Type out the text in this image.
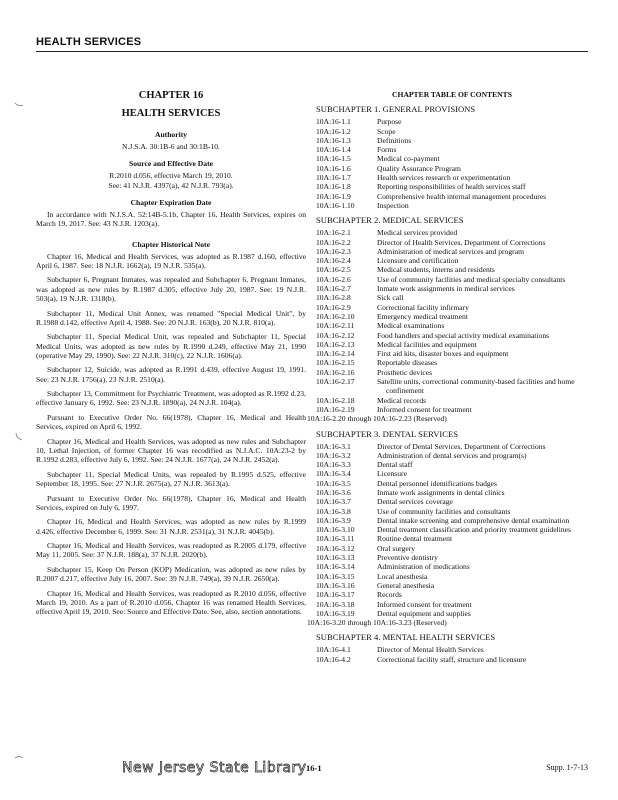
HEALTH SERVICES
CHAPTER 16
HEALTH SERVICES
Authority
N.J.S.A. 30:1B-6 and 30:1B-10.
Source and Effective Date
R.2010 d.056, effective March 19, 2010.
See: 41 N.J.R. 4397(a), 42 N.J.R. 793(a).
Chapter Expiration Date

In accordance with N.J.S.A. 52:14B-5.1b, Chapter 16, Health Services, expires on March 19, 2017. See: 43 N.J.R. 1203(a).

Chapter Historical Note

Chapter 16, Medical and Health Services, was adopted as R.1987 d.160, effective April 6, 1987. See: 18 N.J.R. 1662(a), 19 N.J.R. 535(a).

Subchapter 6, Pregnant Inmates, was repealed and Subchapter 6, Pregnant Inmates, was adopted as new rules by R.1987 d.305, effective July 20, 1987. See: 19 N.J.R. 503(a), 19 N.J.R. 1318(b).

Subchapter 11, Medical Unit Annex, was renamed "Special Medical Unit", by R.1988 d.142, effective April 4, 1988. See: 20 N.J.R. 163(b), 20 N.J.R. 810(a).

Subchapter 11, Special Medical Unit, was repealed and Subchapter 11, Special Medical Units, was adopted as new rules by R.1990 d.249, effective May 21, 1990 (operative May 29, 1990). See: 22 N.J.R. 310(c), 22 N.J.R. 1606(a).

Subchapter 12, Suicide, was adopted as R.1991 d.439, effective August 19, 1991. See: 23 N.J.R. 1756(a), 23 N.J.R. 2510(a).

Subchapter 13, Commitment for Psychiatric Treatment, was adopted as R.1992 d.23, effective January 6, 1992. See: 23 N.J.R. 1890(a), 24 N.J.R. 104(a).

Pursuant to Executive Order No. 66(1978), Chapter 16, Medical and Health Services, expired on April 6, 1992.

Chapter 16, Medical and Health Services, was adopted as new rules and Subchapter 10, Lethal Injection, of former Chapter 16 was recodified as N.J.A.C. 10A:23-2 by R.1992 d.283, effective July 6, 1992. See: 24 N.J.R. 1677(a), 24 N.J.R. 2452(a).

Subchapter 11, Special Medical Units, was repealed by R.1995 d.525, effective September 18, 1995. See: 27 N.J.R. 2675(a), 27 N.J.R. 3613(a).

Pursuant to Executive Order No. 66(1978), Chapter 16, Medical and Health Services, expired on July 6, 1997.

Chapter 16, Medical and Health Services, was adopted as new rules by R.1999 d.426, effective December 6, 1999. See: 31 N.J.R. 2531(a), 31 N.J.R. 4045(b).

Chapter 16, Medical and Health Services, was readopted as R.2005 d.179, effective May 11, 2005. See: 37 N.J.R. 188(a), 37 N.J.R. 2020(b).

Subchapter 15, Keep On Person (KOP) Medication, was adopted as new rules by R.2007 d.217, effective July 16, 2007. See: 39 N.J.R. 749(a), 39 N.J.R. 2650(a).

Chapter 16, Medical and Health Services, was readopted as R.2010 d.056, effective March 19, 2010. As a part of R.2010 d.056, Chapter 16 was renamed Health Services, effective April 19, 2010. See: Source and Effective Date. See, also, section annotations.

CHAPTER TABLE OF CONTENTS
SUBCHAPTER 1. GENERAL PROVISIONS
10A:16-1.1	Purpose
10A:16-1.2	Scope
10A:16-1.3	Definitions
10A:16-1.4	Forms
10A:16-1.5	Medical co-payment
10A:16-1.6	Quality Assurance Program
10A:16-1.7	Health services research or experimentation
10A:16-1.8	Reporting responsibilities of health services staff
10A:16-1.9	Comprehensive health internal management procedures
10A:16-1.10	Inspection
SUBCHAPTER 2. MEDICAL SERVICES
10A:16-2.1	Medical services provided
10A:16-2.2	Director of Health Services, Department of Corrections
10A:16-2.3	Administration of medical services and program
10A:16-2.4	Licensure and certification
10A:16-2.5	Medical students, interns and residents
10A:16-2.6	Use of community facilities and medical specialty consultants
10A:16-2.7	Inmate work assignments in medical services
10A:16-2.8	Sick call
10A:16-2.9	Correctional facility infirmary
10A:16-2.10	Emergency medical treatment
10A:16-2.11	Medical examinations
10A:16-2.12	Food handlers and special activity medical examinations
10A:16-2.13	Medical facilities and equipment
10A:16-2.14	First aid kits, disaster boxes and equipment
10A:16-2.15	Reportable diseases
10A:16-2.16	Prosthetic devices
10A:16-2.17	Satellite units, correctional community-based facilities and home confinement
10A:16-2.18	Medical records
10A:16-2.19	Informed consent for treatment
10A:16-2.20 through 10A:16-2.23 (Reserved)
SUBCHAPTER 3. DENTAL SERVICES
10A:16-3.1	Director of Dental Services, Department of Corrections
10A:16-3.2	Administration of dental services and program(s)
10A:16-3.3	Dental staff
10A:16-3.4	Licensure
10A:16-3.5	Dental personnel identifications badges
10A:16-3.6	Inmate work assignments in dental clinics
10A:16-3.7	Dental services coverage
10A:16-3.8	Use of community facilities and consultants
10A:16-3.9	Dental intake screening and comprehensive dental examination
10A:16-3.10	Dental treatment classification and priority treatment guidelines
10A:16-3.11	Routine dental treatment
10A:16-3.12	Oral surgery
10A:16-3.13	Preventive dentistry
10A:16-3.14	Administration of medications
10A:16-3.15	Local anesthesia
10A:16-3.16	General anesthesia
10A:16-3.17	Records
10A:16-3.18	Informed consent for treatment
10A:16-3.19	Dental equipment and supplies
10A:16-3.20 through 10A:16-3.23 (Reserved)
SUBCHAPTER 4. MENTAL HEALTH SERVICES
10A:16-4.1	Director of Mental Health Services
10A:16-4.2	Correctional facility staff, structure and licensure
New Jersey State Library 16-1	Supp. 1-7-13
